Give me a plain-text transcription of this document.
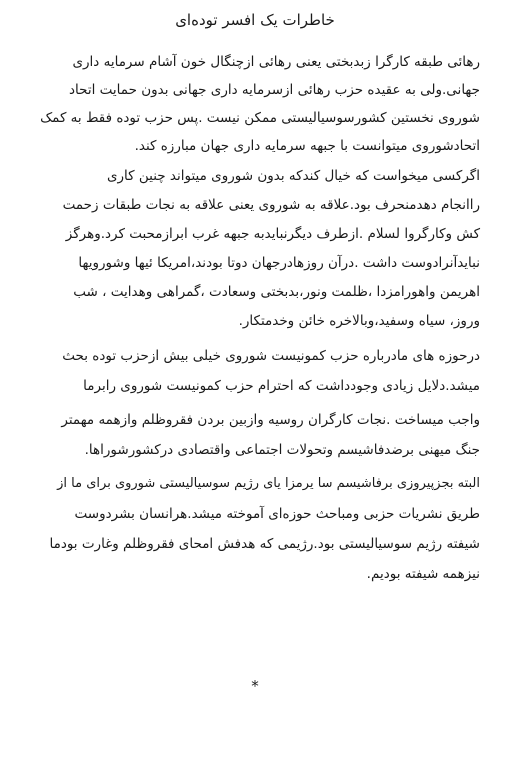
خاطرات یک افسر توده‌ای
رهائی طبقه کارگرا زبدبختی یعنی رهائی ازچنگال خون آشام سرمایه داری
جهانی.ولی به عقیده حزب رهائی ازسرمایه داری جهانی بدون حمایت اتحاد
شوروی نخستین کشورسوسیالیستی ممکن نیست .پس حزب توده فقط به کمک
اتحادشوروی میتوانست با جبهه سرمایه داری جهان مبارزه کند.
اگرکسی میخواست که خیال کندکه بدون شوروی میتواند چنین کاری
راانجام دهدمنحرف بود.علاقه به شوروی یعنی علاقه به نجات طبقات زحمت
کش وکارگروا لسلام .ازطرف دیگرنبایدبه جبهه غرب ابرازمحبت کرد.وهرگز
نبایدآنرادوست داشت .درآن روزهادرجهان دوتا بودند،امریکا ئیها وشورویها
اهریمن واهورامزدا ،ظلمت ونور،بدبختی وسعادت ،گمراهی وهدایت ، شب
وروز، سیاه وسفید،وبالاخره خائن وخدمتکار.
درحوزه های مادرباره حزب کمونیست شوروی خیلی بیش ازحزب توده بحث
میشد.دلایل زیادی وجودداشت که احترام حزب کمونیست شوروی رابرما
واجب میساخت .نجات کارگران روسیه وازبین بردن فقروظلم وازهمه مهمتر
جنگ میهنی برضدفاشیسم وتحولات اجتماعی واقتصادی درکشورشوراها.
البته بجزپیروزی برفاشیسم سا یرمزا یای رژیم سوسیالیستی شوروی برای ما از
طریق نشریات حزبی ومباحث حوزه‌ای آموخته میشد.هرانسان بشردوست
شیفته رژیم سوسیالیستی بود.رژیمی که هدفش امحای فقروظلم وغارت بودما
نیزهمه شیفته بودیم.
*
